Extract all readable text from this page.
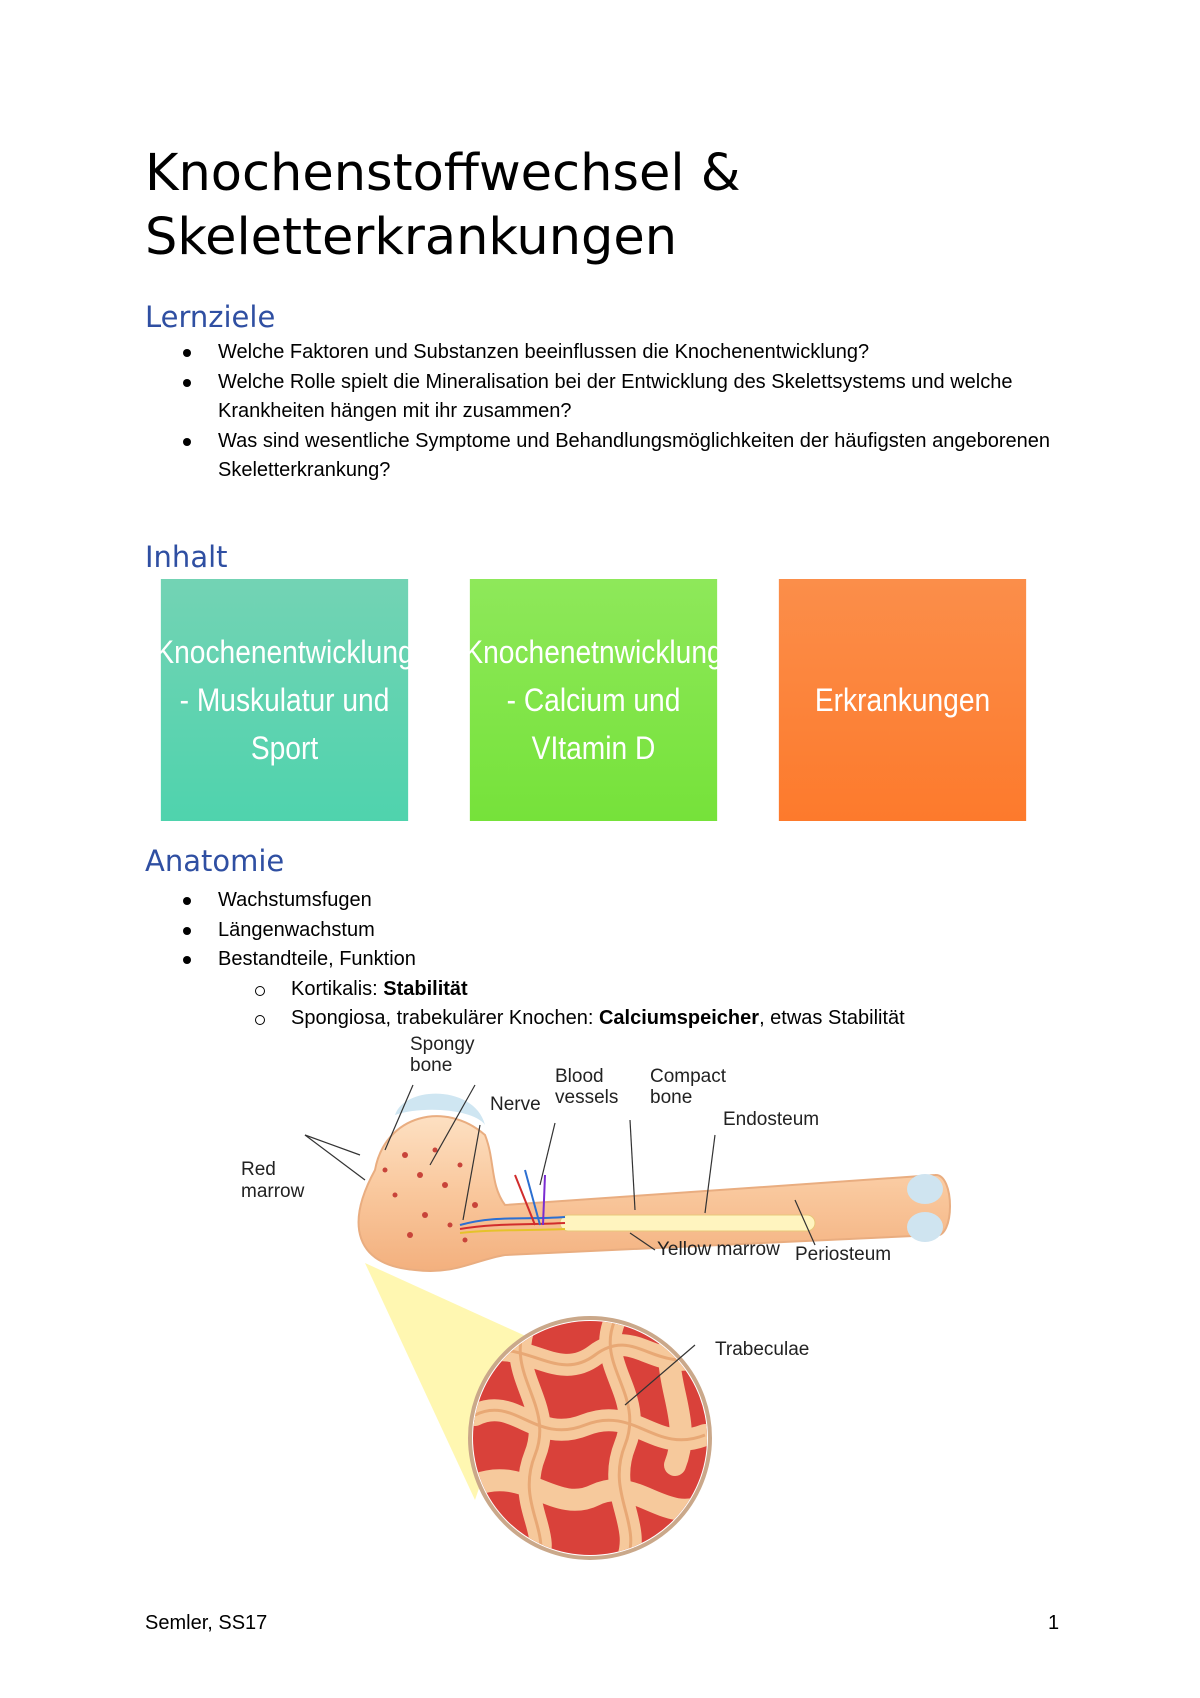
Knochenstoffwechsel &
Skeletterkrankungen
Lernziele
Welche Faktoren und Substanzen beeinflussen die Knochenentwicklung?
Welche Rolle spielt die Mineralisation bei der Entwicklung des Skelettsystems und welche Krankheiten hängen mit ihr zusammen?
Was sind wesentliche Symptome und Behandlungsmöglichkeiten der häufigsten angeborenen Skeletterkrankung?
Inhalt
Knochenentwicklung - Muskulatur und Sport
Knochenetnwicklung - Calcium und VItamin D
Erkrankungen
Anatomie
Wachstumsfugen
Längenwachstum
Bestandteile, Funktion
Kortikalis: Stabilität
Spongiosa, trabekulärer Knochen: Calciumspeicher, etwas Stabilität
Spongy
bone
Nerve
Blood
vessels
Compact
bone
Endosteum
Red
marrow
Yellow marrow Periosteum
Trabeculae
Semler, SS17	1
